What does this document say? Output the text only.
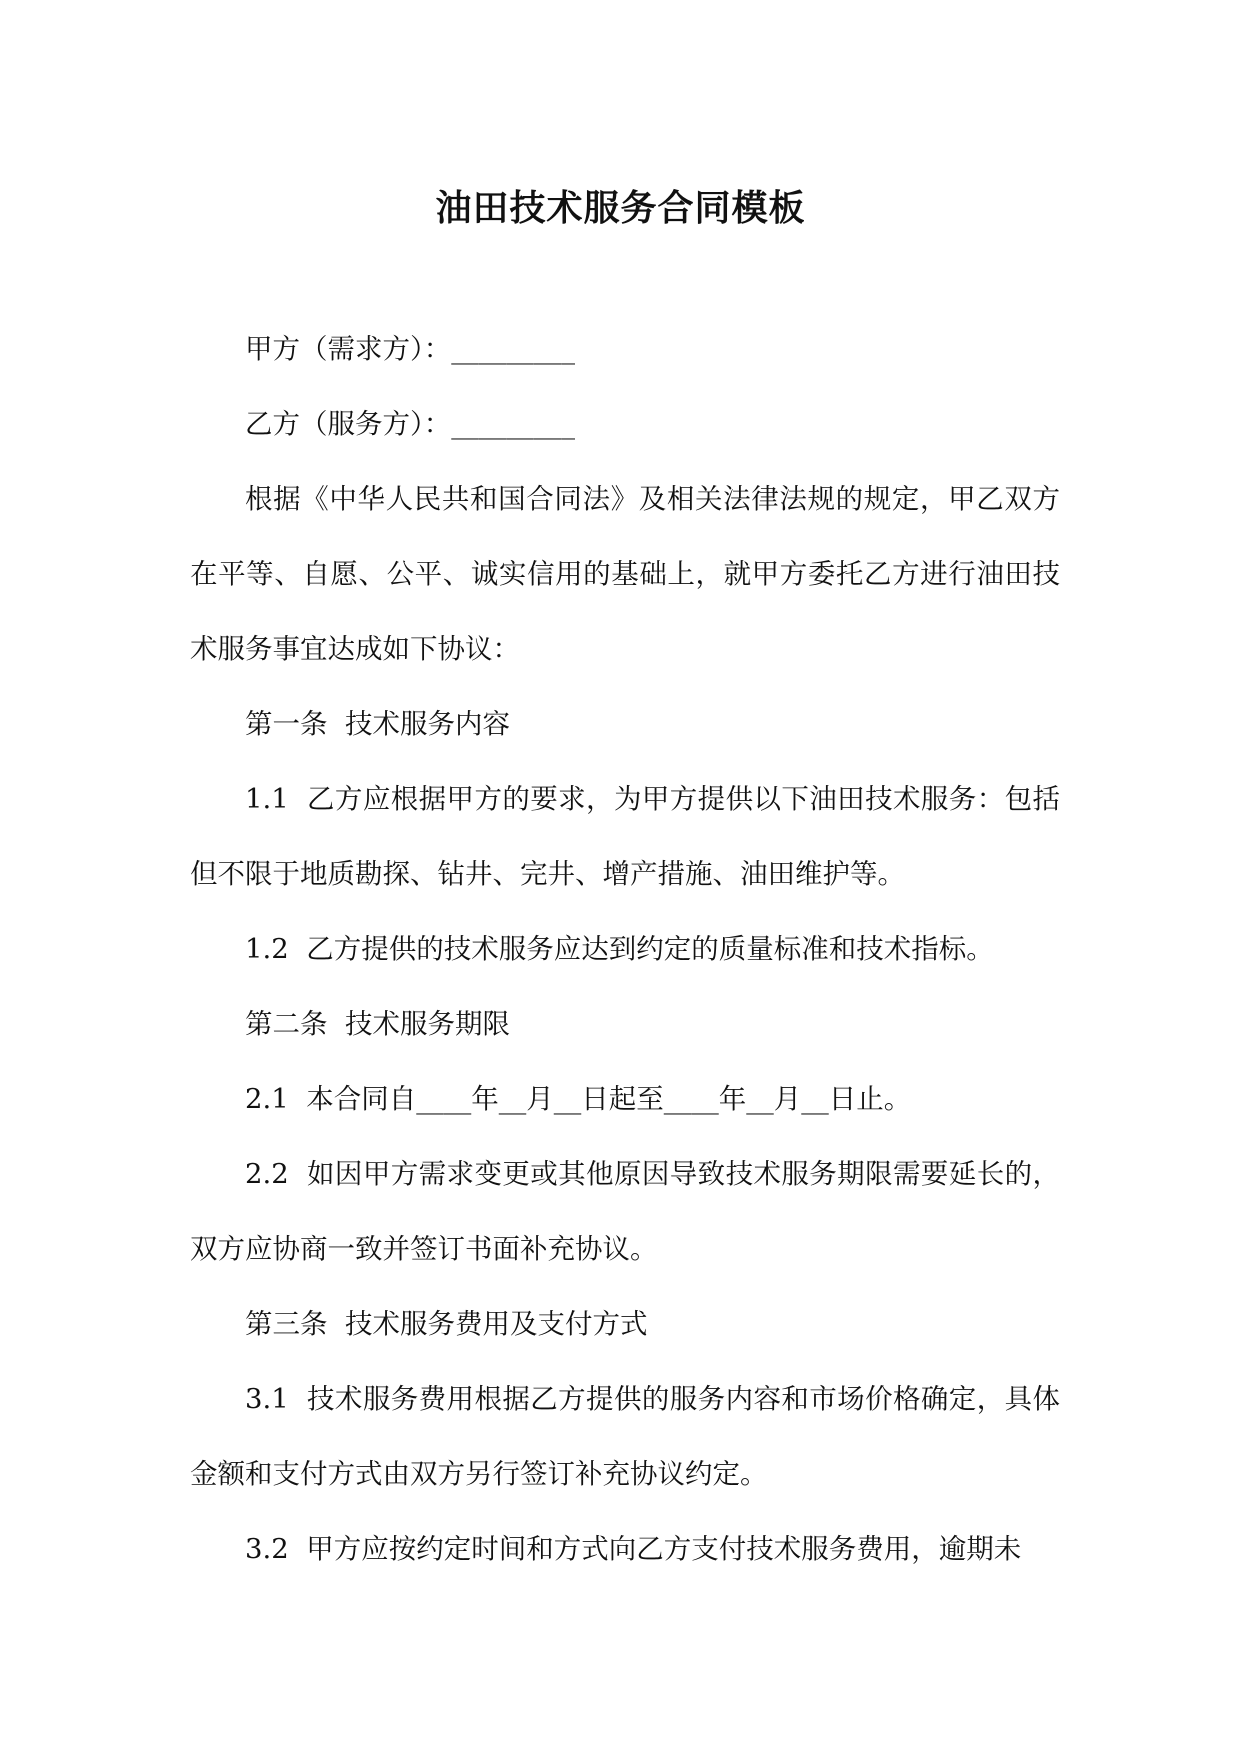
油田技术服务合同模板

甲方（需求方）：_________

乙方（服务方）：_________

根据《中华人民共和国合同法》及相关法律法规的规定，甲乙双方在平等、自愿、公平、诚实信用的基础上，就甲方委托乙方进行油田技术服务事宜达成如下协议：

第一条  技术服务内容

1.1  乙方应根据甲方的要求，为甲方提供以下油田技术服务：包括但不限于地质勘探、钻井、完井、增产措施、油田维护等。

1.2  乙方提供的技术服务应达到约定的质量标准和技术指标。

第二条  技术服务期限

2.1  本合同自____年__月__日起至____年__月__日止。

2.2  如因甲方需求变更或其他原因导致技术服务期限需要延长的，双方应协商一致并签订书面补充协议。

第三条  技术服务费用及支付方式

3.1  技术服务费用根据乙方提供的服务内容和市场价格确定，具体金额和支付方式由双方另行签订补充协议约定。

3.2  甲方应按约定时间和方式向乙方支付技术服务费用，逾期未
